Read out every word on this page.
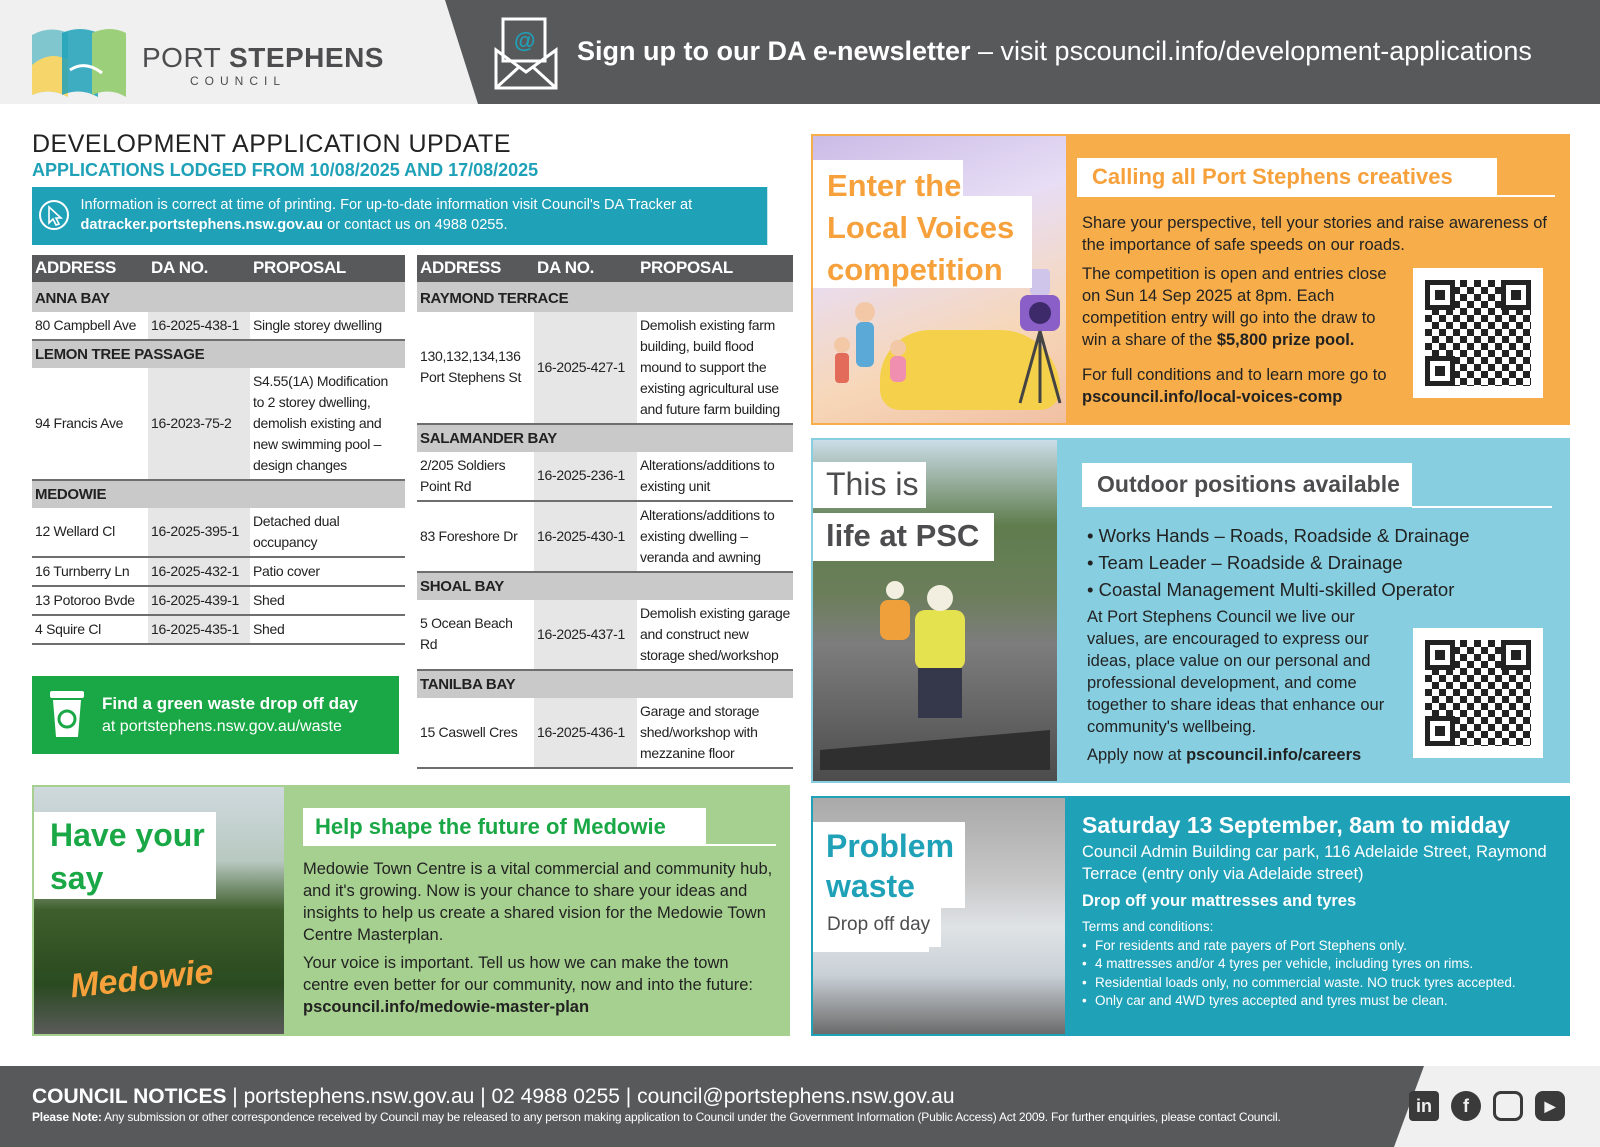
PORT STEPHENS
COUNCIL
@ Sign up to our DA e-newsletter – visit pscouncil.info/development-applications
DEVELOPMENT APPLICATION UPDATE
APPLICATIONS LODGED FROM 10/08/2025 AND 17/08/2025
Information is correct at time of printing. For up-to-date information visit Council's DA Tracker at
datracker.portstephens.nsw.gov.au or contact us on 4988 0255.
ADDRESS	DA NO.	PROPOSAL
ANNA BAY		
80 Campbell Ave	16-2025-438-1	Single storey dwelling
LEMON TREE PASSAGE		
94 Francis Ave	16-2023-75-2	S4.55(1A) Modification to 2 storey dwelling, demolish existing and new swimming pool – design changes
MEDOWIE		
12 Wellard Cl	16-2025-395-1	Detached dual occupancy
16 Turnberry Ln	16-2025-432-1	Patio cover
13 Potoroo Bvde	16-2025-439-1	Shed
4 Squire Cl	16-2025-435-1	Shed
ADDRESS	DA NO.	PROPOSAL
RAYMOND TERRACE		
130,132,134,136 Port Stephens St	16-2025-427-1	Demolish existing farm building, build flood mound to support the existing agricultural use and future farm building
SALAMANDER BAY		
2/205 Soldiers Point Rd	16-2025-236-1	Alterations/additions to existing unit
83 Foreshore Dr	16-2025-430-1	Alterations/additions to existing dwelling – veranda and awning
SHOAL BAY		
5 Ocean Beach Rd	16-2025-437-1	Demolish existing garage and construct new storage shed/workshop
TANILBA BAY		
15 Caswell Cres	16-2025-436-1	Garage and storage shed/workshop with mezzanine floor
Find a green waste drop off day
at portstephens.nsw.gov.au/waste
Medowie
Have your
say
Help shape the future of Medowie

Medowie Town Centre is a vital commercial and community hub, and it's growing. Now is your chance to share your ideas and insights to help us create a shared vision for the Medowie Town Centre Masterplan.

Your voice is important. Tell us how we can make the town centre even better for our community, now and into the future:
pscouncil.info/medowie-master-plan

Enter the
Local Voices
competition
Calling all Port Stephens creatives
Share your perspective, tell your stories and raise awareness of the importance of safe speeds on our roads.
The competition is open and entries close on Sun 14 Sep 2025 at 8pm. Each competition entry will go into the draw to win a share of the $5,800 prize pool.
For full conditions and to learn more go to pscouncil.info/local-voices-comp
This is
life at PSC
Outdoor positions available
• Works Hands – Roads, Roadside & Drainage
• Team Leader – Roadside & Drainage
• Coastal Management Multi-skilled Operator
At Port Stephens Council we live our values, are encouraged to express our ideas, place value on our personal and professional development, and come together to share ideas that enhance our community's wellbeing.
Apply now at pscouncil.info/careers
Problem
waste
Drop off day
Saturday 13 September, 8am to midday
Council Admin Building car park, 116 Adelaide Street, Raymond Terrace (entry only via Adelaide street)
Drop off your mattresses and tyres
Terms and conditions:
• For residents and rate payers of Port Stephens only.
• 4 mattresses and/or 4 tyres per vehicle, including tyres on rims.
• Residential loads only, no commercial waste. NO truck tyres accepted.
• Only car and 4WD tyres accepted and tyres must be clean.
COUNCIL NOTICES | portstephens.nsw.gov.au | 02 4988 0255 | council@portstephens.nsw.gov.au
Please Note: Any submission or other correspondence received by Council may be released to any person making application to Council under the Government Information (Public Access) Act 2009. For further enquiries, please contact Council.
in	f	◯	▶
